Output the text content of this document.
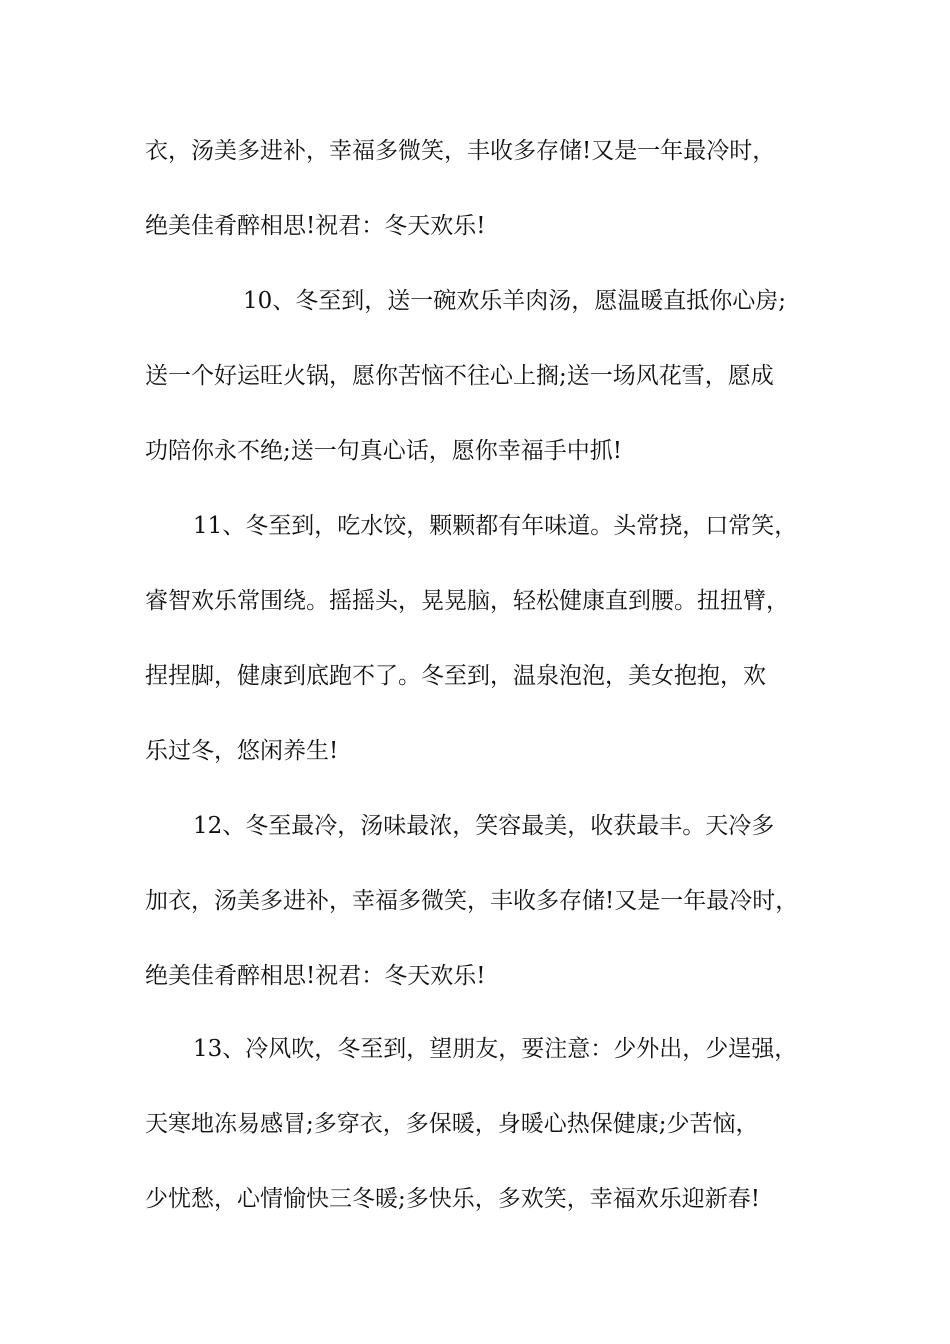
衣，汤美多进补，幸福多微笑，丰收多存储!又是一年最冷时，
绝美佳肴醉相思!祝君：冬天欢乐!
10、冬至到，送一碗欢乐羊肉汤，愿温暖直抵你心房;
送一个好运旺火锅，愿你苦恼不往心上搁;送一场风花雪，愿成
功陪你永不绝;送一句真心话，愿你幸福手中抓!
11、冬至到，吃水饺，颗颗都有年味道。头常挠，口常笑，
睿智欢乐常围绕。摇摇头，晃晃脑，轻松健康直到腰。扭扭臂，
捏捏脚，健康到底跑不了。冬至到，温泉泡泡，美女抱抱，欢
乐过冬，悠闲养生!
12、冬至最冷，汤味最浓，笑容最美，收获最丰。天冷多
加衣，汤美多进补，幸福多微笑，丰收多存储!又是一年最冷时，
绝美佳肴醉相思!祝君：冬天欢乐!
13、冷风吹，冬至到，望朋友，要注意：少外出，少逞强，
天寒地冻易感冒;多穿衣，多保暖，身暖心热保健康;少苦恼，
少忧愁，心情愉快三冬暖;多快乐，多欢笑，幸福欢乐迎新春!
